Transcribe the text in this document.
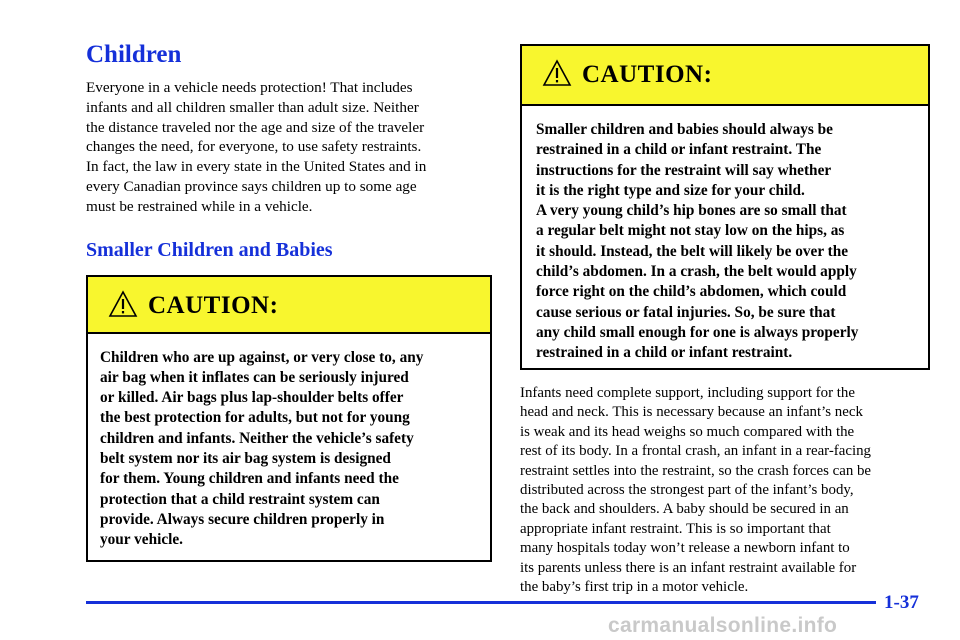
Children

Everyone in a vehicle needs protection! That includes
infants and all children smaller than adult size. Neither
the distance traveled nor the age and size of the traveler
changes the need, for everyone, to use safety restraints.
In fact, the law in every state in the United States and in
every Canadian province says children up to some age
must be restrained while in a vehicle.

Smaller Children and Babies
CAUTION:
Children who are up against, or very close to, any
air bag when it inflates can be seriously injured
or killed. Air bags plus lap-shoulder belts offer
the best protection for adults, but not for young
children and infants. Neither the vehicle’s safety
belt system nor its air bag system is designed
for them. Young children and infants need the
protection that a child restraint system can
provide. Always secure children properly in
your vehicle.
CAUTION:
Smaller children and babies should always be
restrained in a child or infant restraint. The
instructions for the restraint will say whether
it is the right type and size for your child.
A very young child’s hip bones are so small that
a regular belt might not stay low on the hips, as
it should. Instead, the belt will likely be over the
child’s abdomen. In a crash, the belt would apply
force right on the child’s abdomen, which could
cause serious or fatal injuries. So, be sure that
any child small enough for one is always properly
restrained in a child or infant restraint.

Infants need complete support, including support for the
head and neck. This is necessary because an infant’s neck
is weak and its head weighs so much compared with the
rest of its body. In a frontal crash, an infant in a rear-facing
restraint settles into the restraint, so the crash forces can be
distributed across the strongest part of the infant’s body,
the back and shoulders. A baby should be secured in an
appropriate infant restraint. This is so important that
many hospitals today won’t release a newborn infant to
its parents unless there is an infant restraint available for
the baby’s first trip in a motor vehicle.

1-37
carmanualsonline.info
